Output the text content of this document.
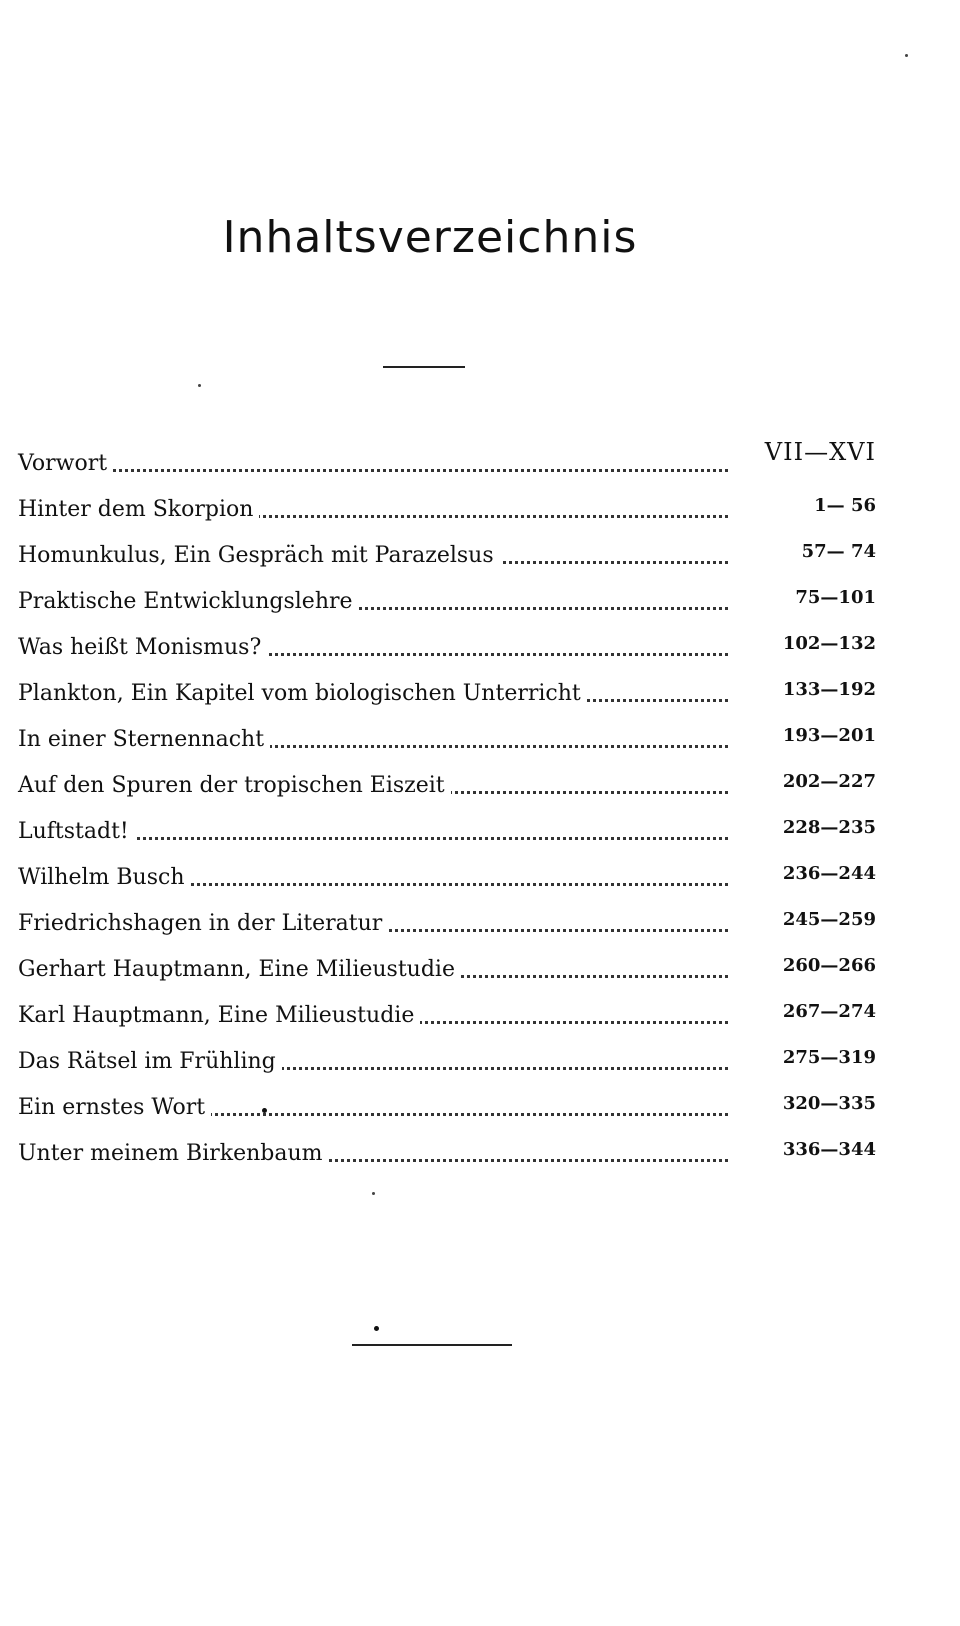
Inhaltsverzeichnis
Vorwort	VII—XVI
Hinter dem Skorpion	1— 56
Homunkulus, Ein Gespräch mit Parazelsus	57— 74
Praktische Entwicklungslehre	75—101
Was heißt Monismus?	102—132
Plankton, Ein Kapitel vom biologischen Unterricht	133—192
In einer Sternennacht	193—201
Auf den Spuren der tropischen Eiszeit	202—227
Luftstadt!	228—235
Wilhelm Busch	236—244
Friedrichshagen in der Literatur	245—259
Gerhart Hauptmann, Eine Milieustudie	260—266
Karl Hauptmann, Eine Milieustudie	267—274
Das Rätsel im Frühling	275—319
Ein ernstes Wort	320—335
Unter meinem Birkenbaum	336—344
